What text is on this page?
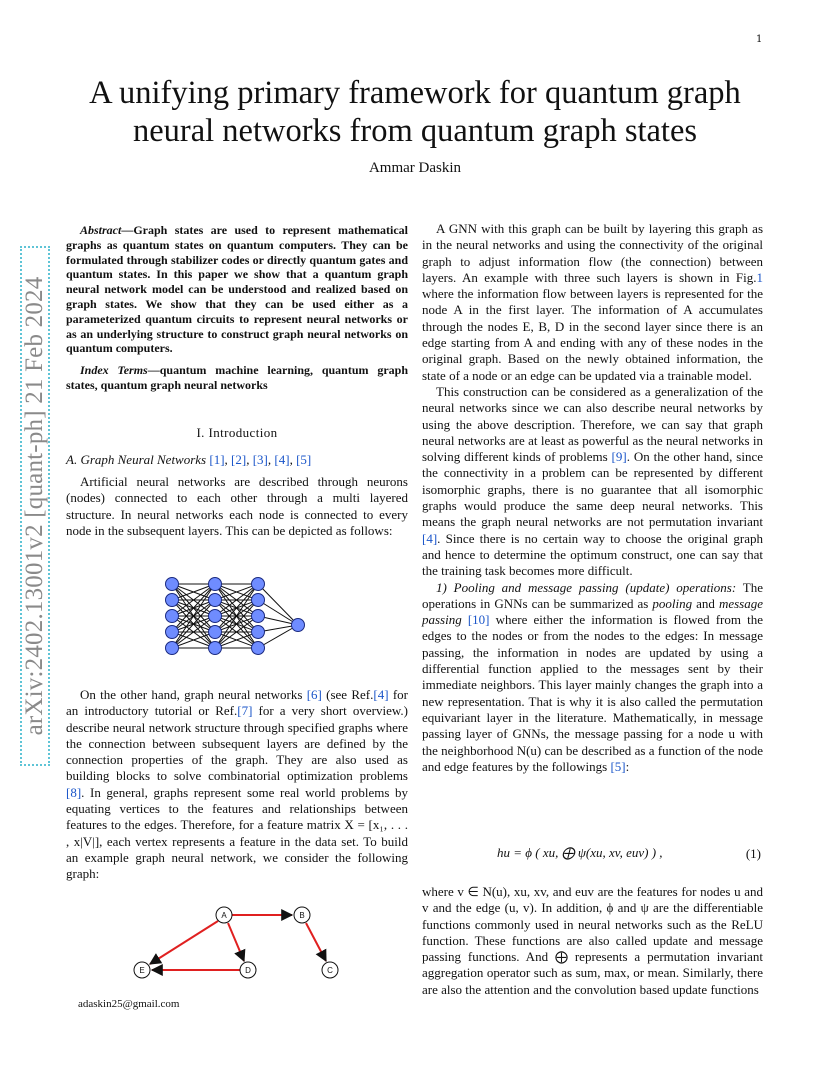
1
arXiv:2402.13001v2 [quant-ph] 21 Feb 2024
A unifying primary framework for quantum graph
neural networks from quantum graph states
Ammar Daskin

Abstract—Graph states are used to represent mathematical graphs as quantum states on quantum computers. They can be formulated through stabilizer codes or directly quantum gates and quantum states. In this paper we show that a quantum graph neural network model can be understood and realized based on graph states. We show that they can be used either as a parameterized quantum circuits to represent neural networks or as an underlying structure to construct graph neural networks on quantum computers.

Index Terms—quantum machine learning, quantum graph states, quantum graph neural networks

I. Introduction
A. Graph Neural Networks [1], [2], [3], [4], [5]

Artificial neural networks are described through neurons (nodes) connected to each other through a multi layered structure. In neural networks each node is connected to every node in the subsequent layers. This can be depicted as follows:

On the other hand, graph neural networks [6] (see Ref.[4] for an introductory tutorial or Ref.[7] for a very short overview.) describe neural network structure through specified graphs where the connection between subsequent layers are defined by the connection properties of the graph. They are also used as building blocks to solve combinatorial optimization problems [8]. In general, graphs represent some real world problems by equating vertices to the features and relationships between features to the edges. Therefore, for a feature matrix X = [x₁, . . . , x|V|], each vertex represents a feature in the data set. To build an example graph neural network, we consider the following graph:

A	B
C
D
E
adaskin25@gmail.com

A GNN with this graph can be built by layering this graph as in the neural networks and using the connectivity of the original graph to adjust information flow (the connection) between layers. An example with three such layers is shown in Fig.1 where the information flow between layers is represented for the node A in the first layer. The information of A accumulates through the nodes E, B, D in the second layer since there is an edge starting from A and ending with any of these nodes in the original graph. Based on the newly obtained information, the state of a node or an edge can be updated via a trainable model.

This construction can be considered as a generalization of the neural networks since we can also describe neural networks by using the above description. Therefore, we can say that graph neural networks are at least as powerful as the neural networks in solving different kinds of problems [9]. On the other hand, since the connectivity in a problem can be represented by different isomorphic graphs, there is no guarantee that all isomorphic graphs would produce the same deep neural networks. This means the graph neural networks are not permutation invariant [4]. Since there is no certain way to choose the original graph and hence to determine the optimum construct, one can say that the training task becomes more difficult.

1) Pooling and message passing (update) operations: The operations in GNNs can be summarized as pooling and message passing [10] where either the information is flowed from the edges to the nodes or from the nodes to the edges: In message passing, the information in nodes are updated by using a differential function applied to the messages sent by their immediate neighbors. This layer mainly changes the graph into a new representation. That is why it is also called the permutation equivariant layer in the literature. Mathematically, in message passing layer of GNNs, the message passing for a node u with the neighborhood N(u) can be described as a function of the node and edge features by the followings [5]:

hu = ϕ ( xu, ⨁ ψ(xu, xv, euv) ) ,	(1)

where v ∈ N(u), xu, xv, and euv are the features for nodes u and v and the edge (u, v). In addition, ϕ and ψ are the differentiable functions commonly used in neural networks such as the ReLU function. These functions are also called update and message passing functions. And ⨁ represents a permutation invariant aggregation operator such as sum, max, or mean. Similarly, there are also the attention and the convolution based update functions
